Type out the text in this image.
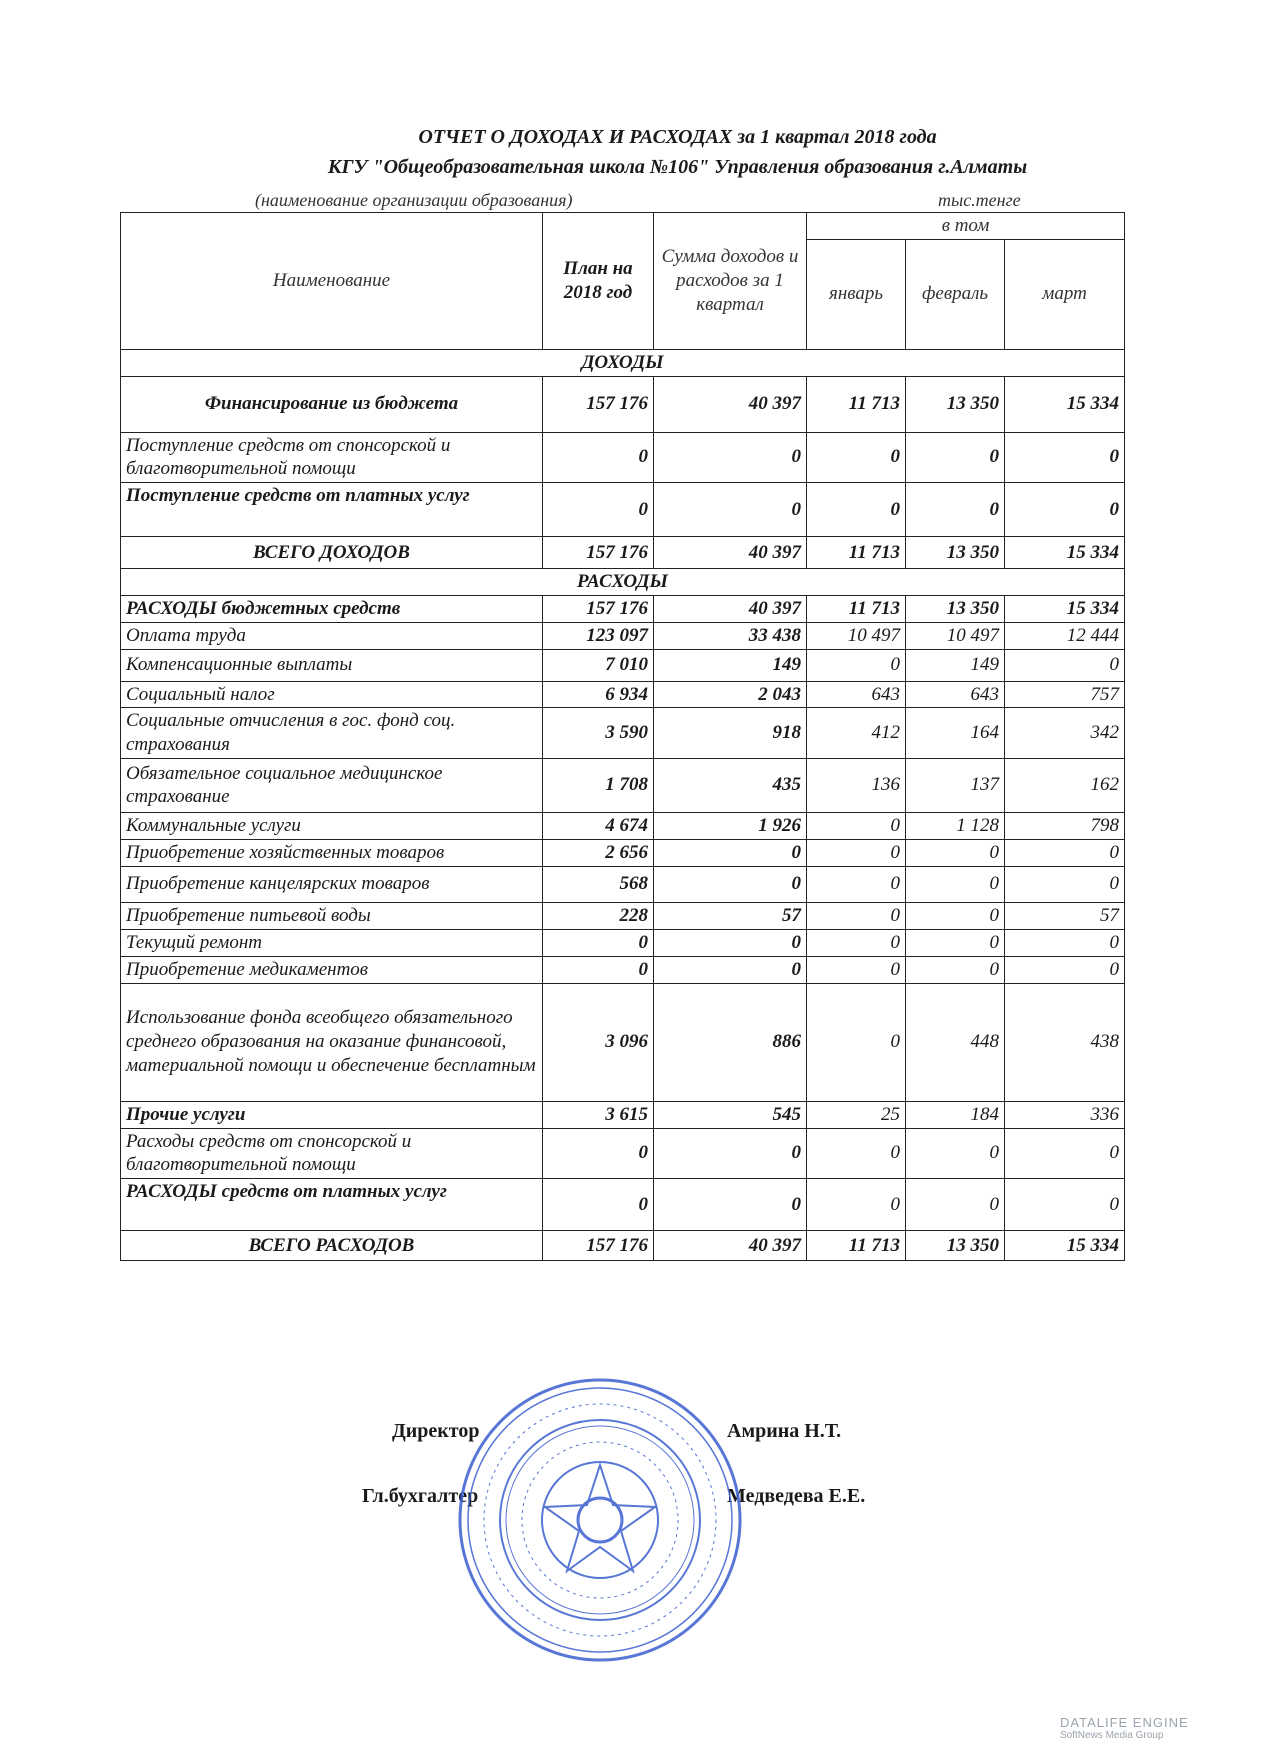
ОТЧЕТ О ДОХОДАХ И РАСХОДАХ за 1 квартал 2018 года
КГУ "Общеобразовательная школа №106" Управления образования г.Алматы
(наименование организации образования)	тыс.тенге
Наименование	План на 2018 год	Сумма доходов и расходов за 1 квартал	в том		
			январь	февраль	март
ДОХОДЫ					
Финансирование из бюджета	157 176	40 397	11 713	13 350	15 334
Поступление средств от спонсорской и благотворительной помощи	0	0	0	0	0
Поступление средств от платных услуг	0	0	0	0	0
ВСЕГО ДОХОДОВ	157 176	40 397	11 713	13 350	15 334
РАСХОДЫ					
РАСХОДЫ бюджетных средств	157 176	40 397	11 713	13 350	15 334
Оплата труда	123 097	33 438	10 497	10 497	12 444
Компенсационные выплаты	7 010	149	0	149	0
Социальный налог	6 934	2 043	643	643	757
Социальные отчисления в гос. фонд соц. страхования	3 590	918	412	164	342
Обязательное социальное медицинское страхование	1 708	435	136	137	162
Коммунальные услуги	4 674	1 926	0	1 128	798
Приобретение хозяйственных товаров	2 656	0	0	0	0
Приобретение канцелярских товаров	568	0	0	0	0
Приобретение питьевой воды	228	57	0	0	57
Текущий ремонт	0	0	0	0	0
Приобретение медикаментов	0	0	0	0	0
Использование фонда всеобщего обязательного среднего образования на оказание финансовой, материальной помощи и обеспечение бесплатным	3 096	886	0	448	438
Прочие услуги	3 615	545	25	184	336
Расходы средств от спонсорской и благотворительной помощи	0	0	0	0	0
РАСХОДЫ средств от платных услуг	0	0	0	0	0
ВСЕГО РАСХОДОВ	157 176	40 397	11 713	13 350	15 334
Директор	Амрина Н.Т.
Гл.бухгалтер	Медведева Е.Е.
DATALIFE ENGINE
SoftNews Media Group
